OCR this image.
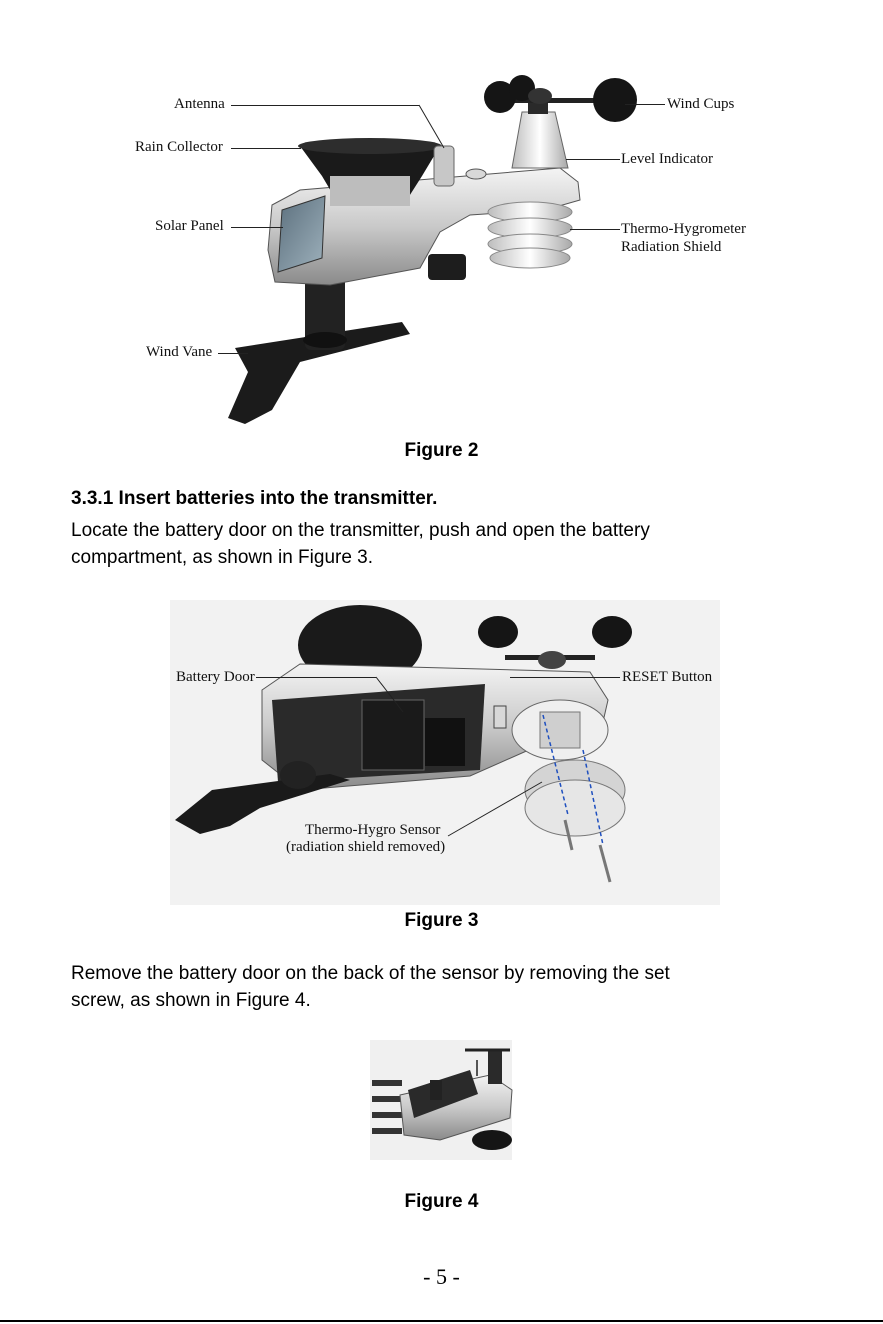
Antenna
Rain Collector
Solar Panel
Wind Vane
Wind Cups
Level Indicator
Thermo-Hygrometer
Radiation Shield
Figure 2
3.3.1 Insert batteries into the transmitter.
Locate the battery door on the transmitter, push and open the battery
compartment, as shown in Figure 3.
Battery Door	RESET Button
Thermo-Hygro Sensor
(radiation shield removed)
Figure 3
Remove the battery door on the back of the sensor by removing the set
screw, as shown in Figure 4.
Figure 4
- 5 -
